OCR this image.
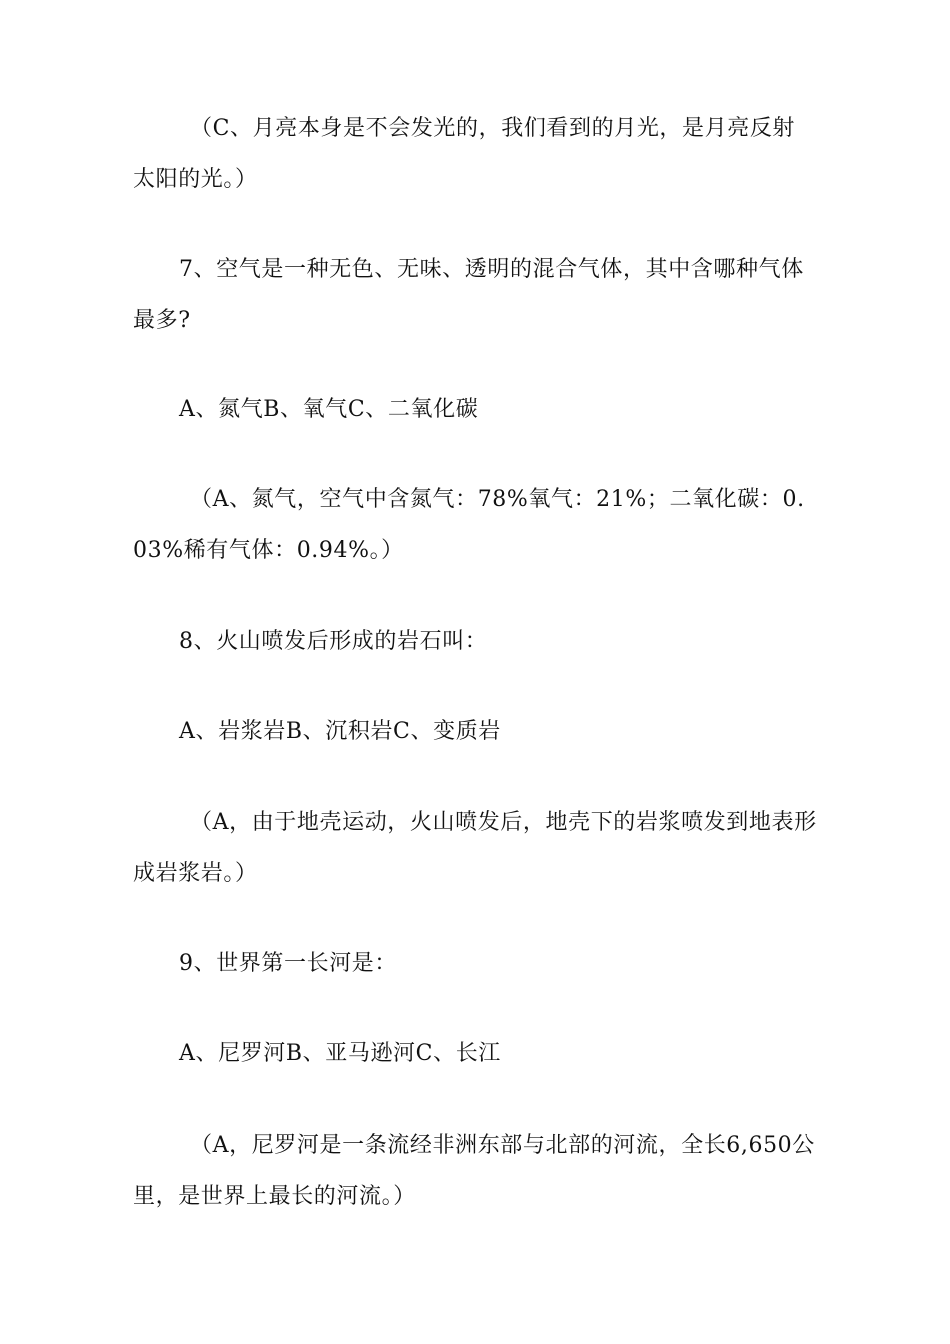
（C、月亮本身是不会发光的，我们看到的月光，是月亮反射太阳的光。）

7、空气是一种无色、无味、透明的混合气体，其中含哪种气体最多?

A、氮气B、氧气C、二氧化碳

（A、氮气，空气中含氮气：78%氧气：21%；二氧化碳：0.03%稀有气体：0.94%。）

8、火山喷发后形成的岩石叫：

A、岩浆岩B、沉积岩C、变质岩

（A，由于地壳运动，火山喷发后，地壳下的岩浆喷发到地表形成岩浆岩。）

9、世界第一长河是：

A、尼罗河B、亚马逊河C、长江

（A，尼罗河是一条流经非洲东部与北部的河流，全长6,650公里，是世界上最长的河流。）
